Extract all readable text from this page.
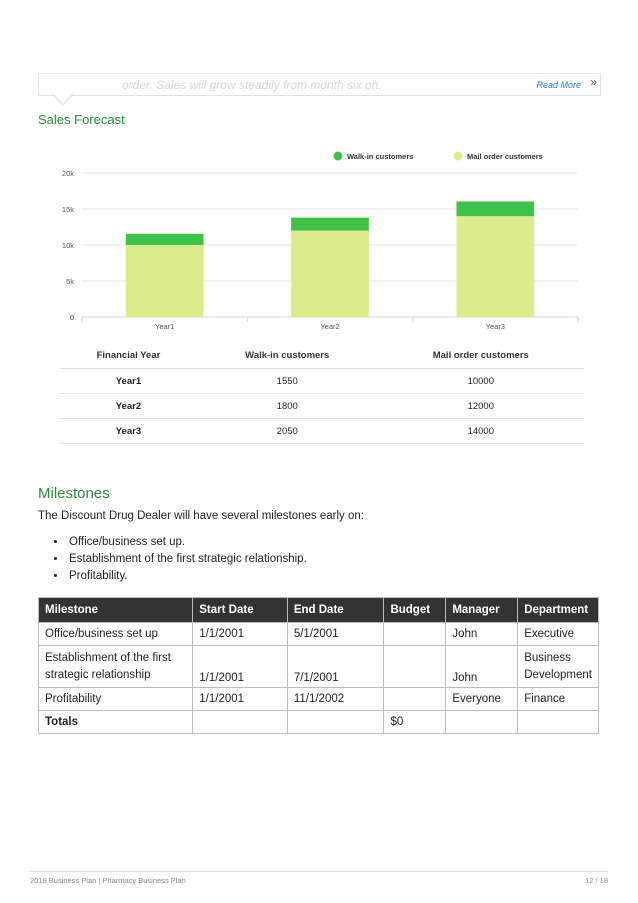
order. Sales will grow steadily from month six on.	Read More »
Sales Forecast
0
5k
10k
15k
20k
Year1	Year2	Year3
Walk-in customers	Mail order customers
Financial Year	Walk-in customers	Mail order customers
Year1	1550	10000
Year2	1800	12000
Year3	2050	14000
Milestones
The Discount Drug Dealer will have several milestones early on:
• Office/business set up.
• Establishment of the first strategic relationship.
• Profitability.
Milestone	Start Date	End Date	Budget	Manager	Department
Office/business set up	1/1/2001	5/1/2001		John	Executive
Establishment of the first strategic relationship	1/1/2001	7/1/2001		John	Business Development
Profitability	1/1/2001	11/1/2002		Everyone	Finance
Totals			$0		
2019 Business Plan | Pharmacy Business Plan	12 / 18
